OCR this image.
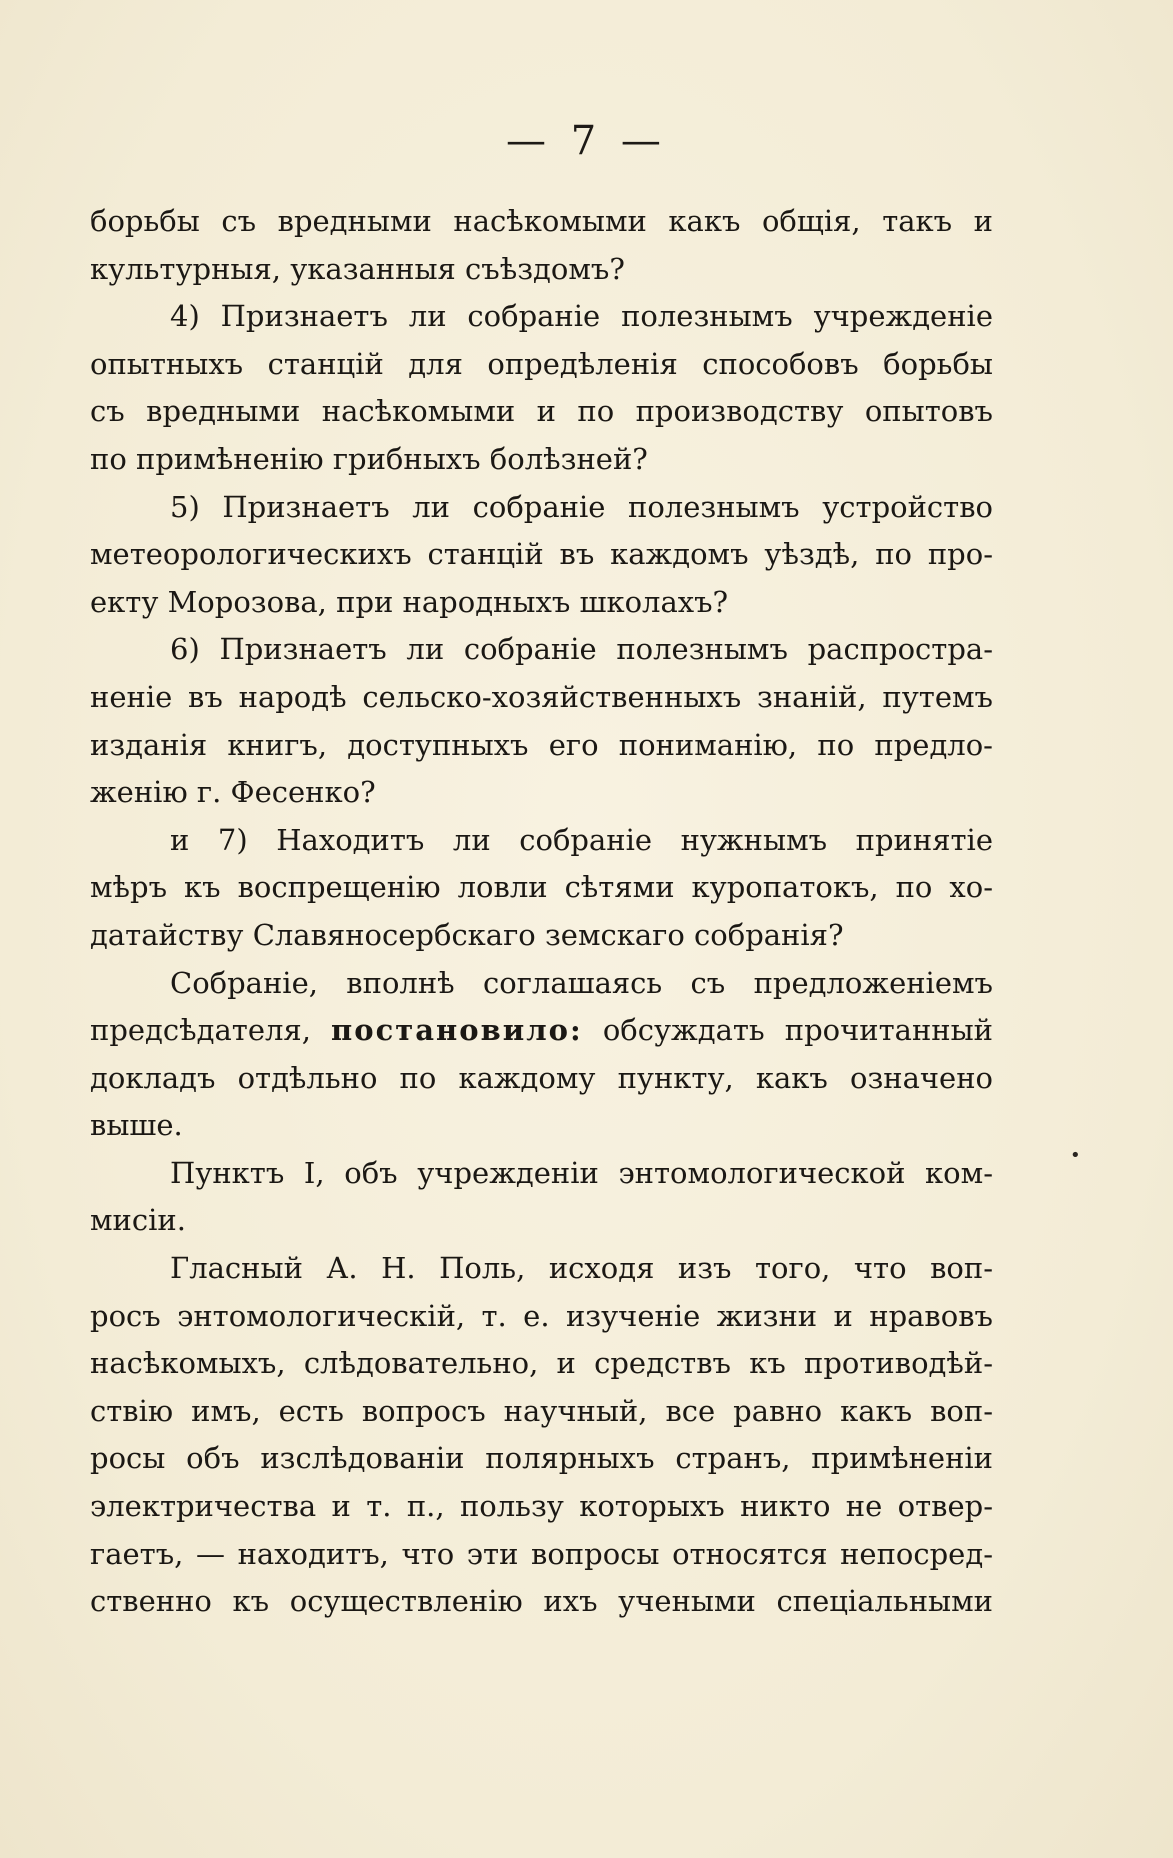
— 7 —
борьбы съ вредными насѣкомыми какъ общія, такъ и
культурныя, указанныя съѣздомъ?
4) Признаетъ ли собраніе полезнымъ учрежденіе
опытныхъ станцій для опредѣленія способовъ борьбы
съ вредными насѣкомыми и по производству опытовъ
по примѣненію грибныхъ болѣзней?
5) Признаетъ ли собраніе полезнымъ устройство
метеорологическихъ станцій въ каждомъ уѣздѣ, по про-
екту Морозова, при народныхъ школахъ?
6) Признаетъ ли собраніе полезнымъ распростра-
неніе въ народѣ сельско-хозяйственныхъ знаній, путемъ
изданія книгъ, доступныхъ его пониманію, по предло-
женію г. Фесенко?
и 7) Находитъ ли собраніе нужнымъ принятіе
мѣръ къ воспрещенію ловли сѣтями куропатокъ, по хо-
датайству Славяносербскаго земскаго собранія?
Собраніе, вполнѣ соглашаясь съ предложеніемъ
предсѣдателя, постановило: обсуждать прочитанный
докладъ отдѣльно по каждому пункту, какъ означено
выше.
Пунктъ I, объ учрежденіи энтомологической ком-
мисіи.
Гласный А. Н. Поль, исходя изъ того, что воп-
росъ энтомологическій, т. е. изученіе жизни и нравовъ
насѣкомыхъ, слѣдовательно, и средствъ къ противодѣй-
ствію имъ, есть вопросъ научный, все равно какъ воп-
росы объ изслѣдованіи полярныхъ странъ, примѣненіи
электричества и т. п., пользу которыхъ никто не отвер-
гаетъ, — находитъ, что эти вопросы относятся непосред-
ственно къ осуществленію ихъ учеными спеціальными
•
